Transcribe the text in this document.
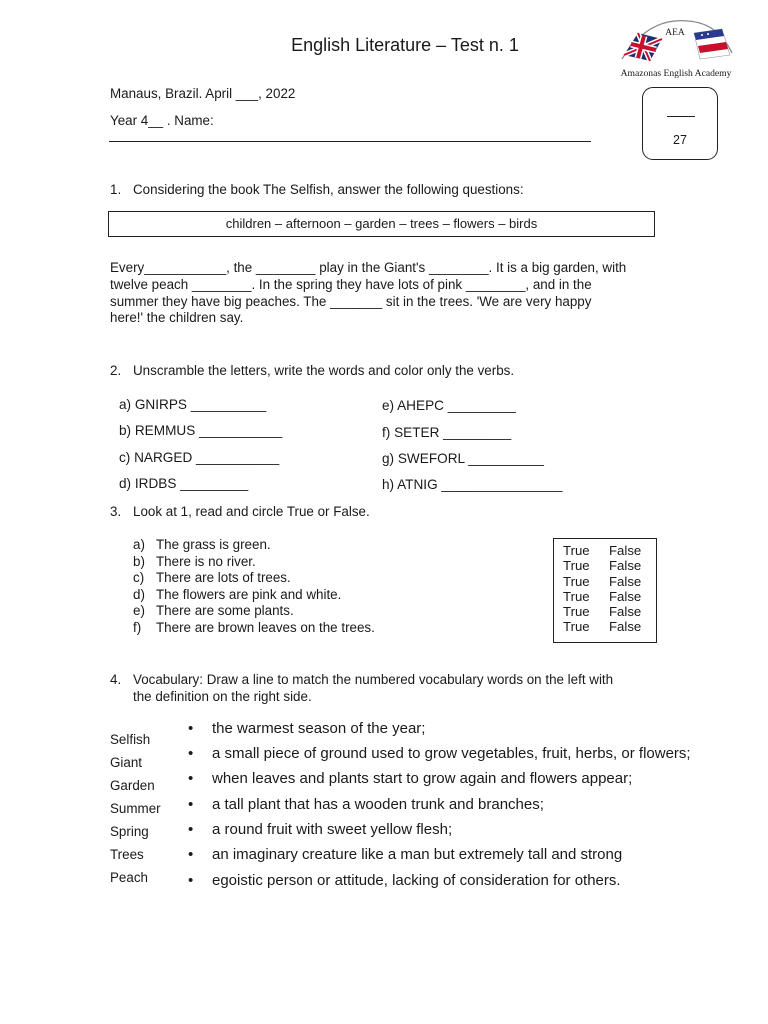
English Literature – Test n. 1
AEA
Amazonas English Academy
Manaus, Brazil. April ___, 2022
Year 4__ . Name:
27
1. Considering the book The Selfish, answer the following questions:
children – afternoon – garden – trees – flowers – birds
Every___________, the ________ play in the Giant's ________. It is a big garden, with
twelve peach ________. In the spring they have lots of pink ________, and in the
summer they have big peaches. The _______ sit in the trees. 'We are very happy
here!' the children say.
2. Unscramble the letters, write the words and color only the verbs.
a) GNIRPS __________
b) REMMUS ___________
c) NARGED ___________
d) IRDBS _________
e) AHEPC _________
f) SETER _________
g) SWEFORL __________
h) ATNIG ________________
3. Look at 1, read and circle True or False.
a) The grass is green.
b) There is no river.
c) There are lots of trees.
d) The flowers are pink and white.
e) There are some plants.
f) There are brown leaves on the trees.
True False
True False
True False
True False
True False
True False
4. Vocabulary: Draw a line to match the numbered vocabulary words on the left with
the definition on the right side.
Selfish
Giant
Garden
Summer
Spring
Trees
Peach
• the warmest season of the year;
• a small piece of ground used to grow vegetables, fruit, herbs, or flowers;
• when leaves and plants start to grow again and flowers appear;
• a tall plant that has a wooden trunk and branches;
• a round fruit with sweet yellow flesh;
• an imaginary creature like a man but extremely tall and strong
• egoistic person or attitude, lacking of consideration for others.
